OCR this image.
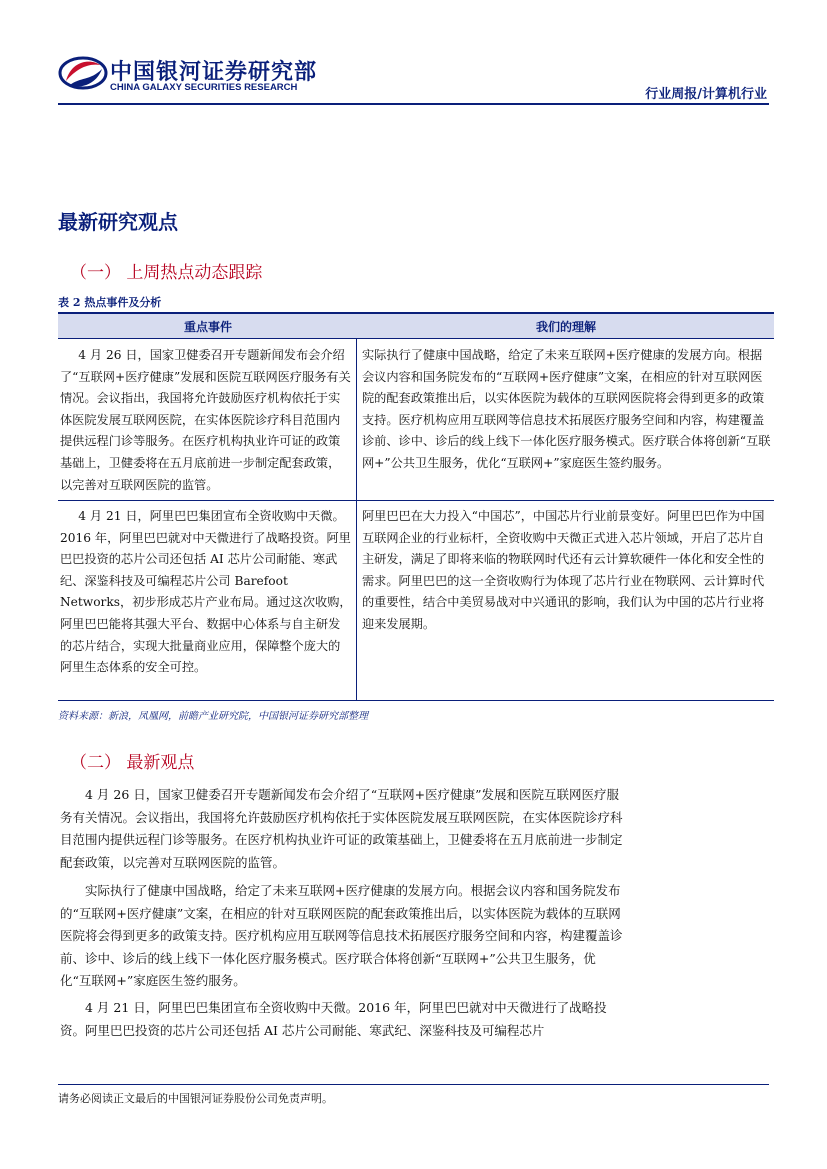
中国银河证券研究部
CHINA GALAXY SECURITIES RESEARCH	行业周报/计算机行业
最新研究观点
（一） 上周热点动态跟踪
表 2 热点事件及分析
重点事件	我们的理解
4 月 26 日，国家卫健委召开专题新闻发布会介绍了“互联网+医疗健康”发展和医院互联网医疗服务有关情况。会议指出，我国将允许鼓励医疗机构依托于实体医院发展互联网医院，在实体医院诊疗科目范围内提供远程门诊等服务。在医疗机构执业许可证的政策基础上，卫健委将在五月底前进一步制定配套政策，以完善对互联网医院的监管。
实际执行了健康中国战略，给定了未来互联网+医疗健康的发展方向。根据会议内容和国务院发布的“互联网+医疗健康”文案，在相应的针对互联网医院的配套政策推出后，以实体医院为载体的互联网医院将会得到更多的政策支持。医疗机构应用互联网等信息技术拓展医疗服务空间和内容，构建覆盖诊前、诊中、诊后的线上线下一体化医疗服务模式。医疗联合体将创新“互联网+”公共卫生服务，优化“互联网+”家庭医生签约服务。
4 月 21 日，阿里巴巴集团宣布全资收购中天微。2016 年，阿里巴巴就对中天微进行了战略投资。阿里巴巴投资的芯片公司还包括 AI 芯片公司耐能、寒武纪、深鉴科技及可编程芯片公司 Barefoot Networks，初步形成芯片产业布局。通过这次收购，阿里巴巴能将其强大平台、数据中心体系与自主研发的芯片结合，实现大批量商业应用，保障整个庞大的阿里生态体系的安全可控。
阿里巴巴在大力投入“中国芯”，中国芯片行业前景变好。阿里巴巴作为中国互联网企业的行业标杆，全资收购中天微正式进入芯片领域，开启了芯片自主研发，满足了即将来临的物联网时代还有云计算软硬件一体化和安全性的需求。阿里巴巴的这一全资收购行为体现了芯片行业在物联网、云计算时代的重要性，结合中美贸易战对中兴通讯的影响，我们认为中国的芯片行业将迎来发展期。
资料来源：新浪，凤凰网，前瞻产业研究院，中国银河证券研究部整理
（二） 最新观点

4 月 26 日，国家卫健委召开专题新闻发布会介绍了“互联网+医疗健康”发展和医院互联网医疗服务有关情况。会议指出，我国将允许鼓励医疗机构依托于实体医院发展互联网医院，在实体医院诊疗科目范围内提供远程门诊等服务。在医疗机构执业许可证的政策基础上，卫健委将在五月底前进一步制定配套政策，以完善对互联网医院的监管。

实际执行了健康中国战略，给定了未来互联网+医疗健康的发展方向。根据会议内容和国务院发布的“互联网+医疗健康”文案，在相应的针对互联网医院的配套政策推出后，以实体医院为载体的互联网医院将会得到更多的政策支持。医疗机构应用互联网等信息技术拓展医疗服务空间和内容，构建覆盖诊前、诊中、诊后的线上线下一体化医疗服务模式。医疗联合体将创新“互联网+”公共卫生服务，优化“互联网+”家庭医生签约服务。

4 月 21 日，阿里巴巴集团宣布全资收购中天微。2016 年，阿里巴巴就对中天微进行了战略投资。阿里巴巴投资的芯片公司还包括 AI 芯片公司耐能、寒武纪、深鉴科技及可编程芯片

请务必阅读正文最后的中国银河证券股份公司免责声明。
